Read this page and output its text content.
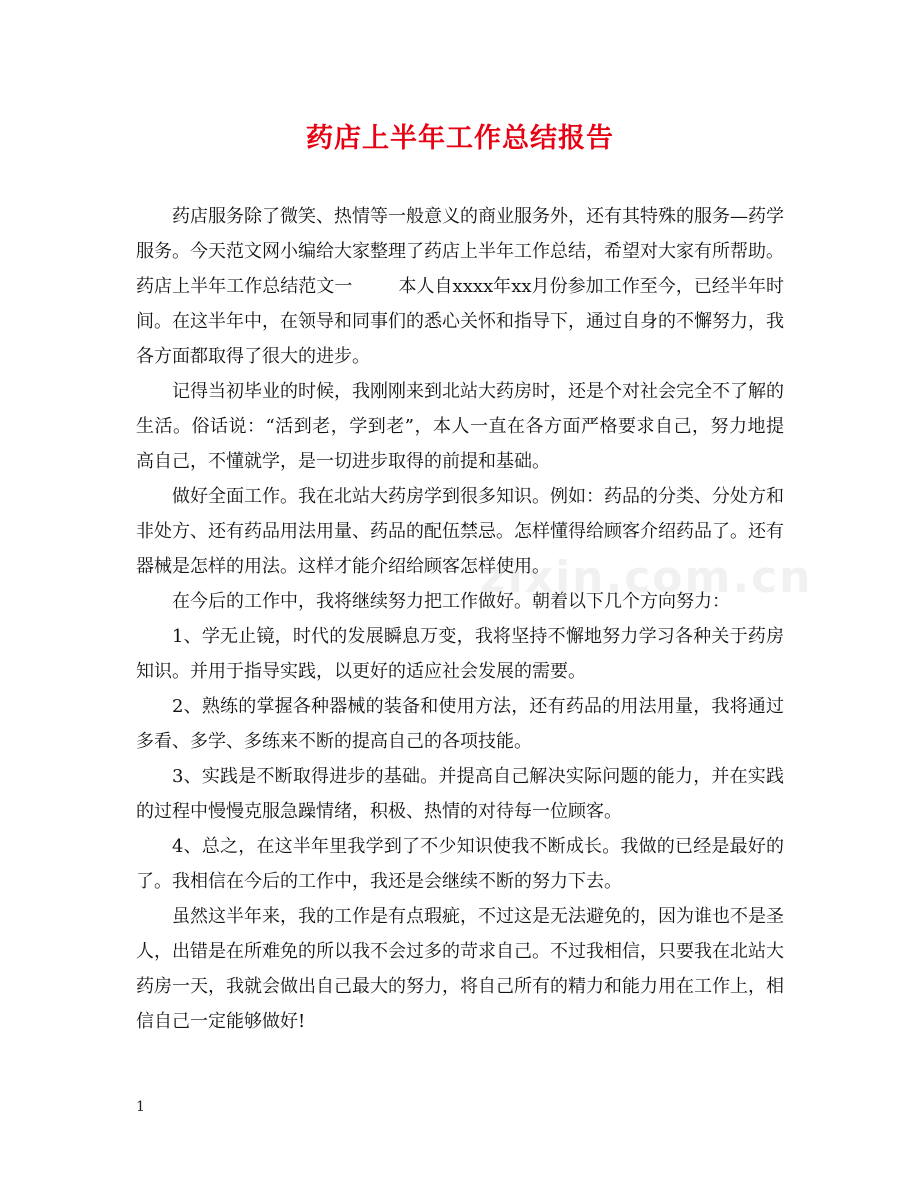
药店上半年工作总结报告
zixin.com.cn

药店服务除了微笑、热情等一般意义的商业服务外，还有其特殊的服务—药学服务。今天范文网小编给大家整理了药店上半年工作总结，希望对大家有所帮助。

药店上半年工作总结范文一	本人自xxxx年xx月份参加工作至今，已经半年时间。在这半年中，在领导和同事们的悉心关怀和指导下，通过自身的不懈努力，我各方面都取得了很大的进步。

记得当初毕业的时候，我刚刚来到北站大药房时，还是个对社会完全不了解的生活。俗话说：“活到老，学到老”，本人一直在各方面严格要求自己，努力地提高自己，不懂就学，是一切进步取得的前提和基础。

做好全面工作。我在北站大药房学到很多知识。例如：药品的分类、分处方和非处方、还有药品用法用量、药品的配伍禁忌。怎样懂得给顾客介绍药品了。还有器械是怎样的用法。这样才能介绍给顾客怎样使用。

在今后的工作中，我将继续努力把工作做好。朝着以下几个方向努力：

1、学无止镜，时代的发展瞬息万变，我将坚持不懈地努力学习各种关于药房知识。并用于指导实践，以更好的适应社会发展的需要。

2、熟练的掌握各种器械的装备和使用方法，还有药品的用法用量，我将通过多看、多学、多练来不断的提高自己的各项技能。

3、实践是不断取得进步的基础。并提高自己解决实际问题的能力，并在实践的过程中慢慢克服急躁情绪，积极、热情的对待每一位顾客。

4、总之，在这半年里我学到了不少知识使我不断成长。我做的已经是最好的了。我相信在今后的工作中，我还是会继续不断的努力下去。

虽然这半年来，我的工作是有点瑕疵，不过这是无法避免的，因为谁也不是圣人，出错是在所难免的所以我不会过多的苛求自己。不过我相信，只要我在北站大药房一天，我就会做出自己最大的努力，将自己所有的精力和能力用在工作上，相信自己一定能够做好!

1
